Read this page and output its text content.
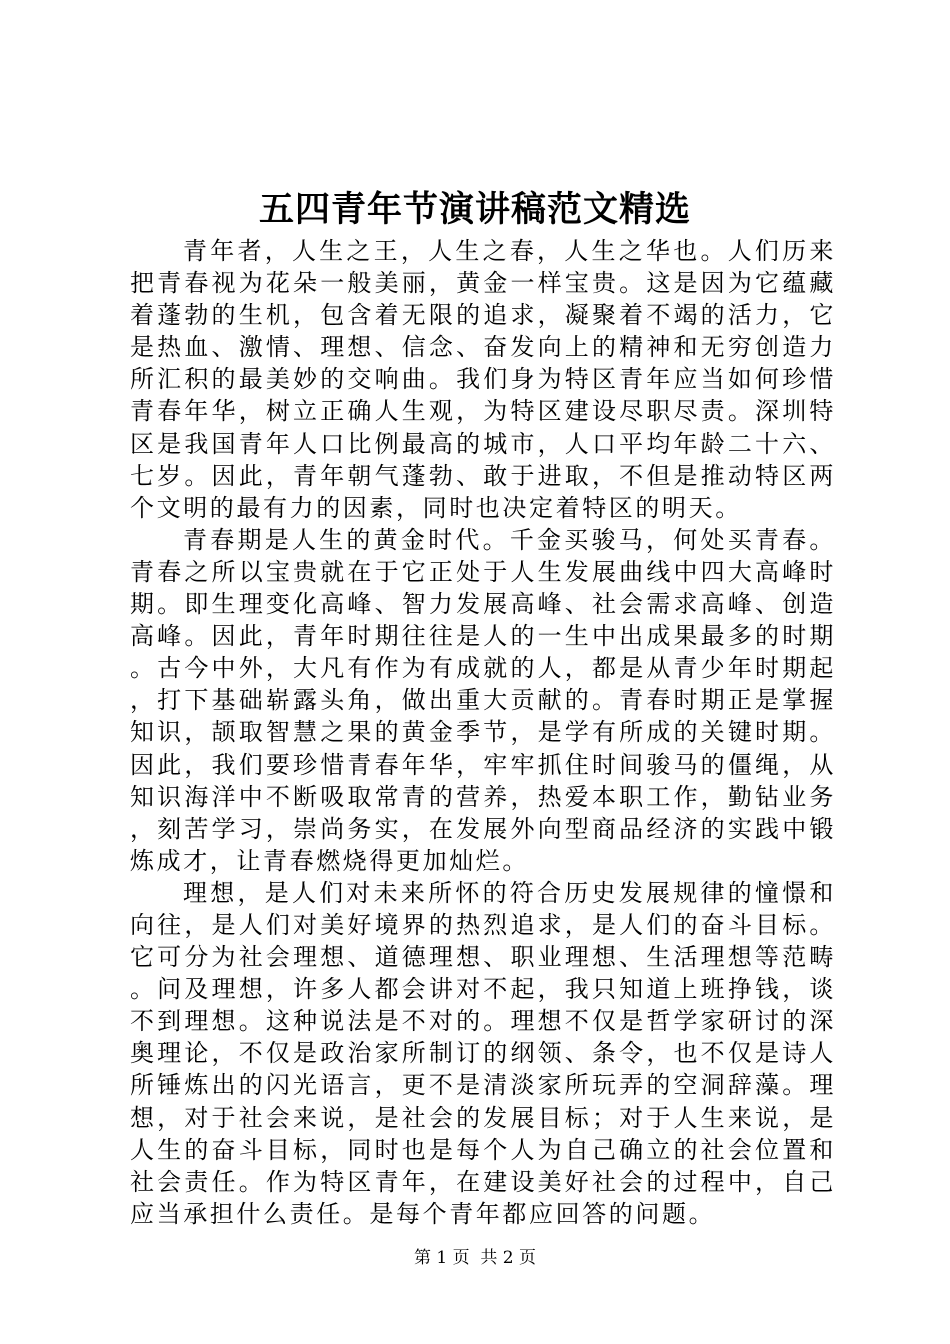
五四青年节演讲稿范文精选

青年者，人生之王，人生之春，人生之华也。人们历来把青春视为花朵一般美丽，黄金一样宝贵。这是因为它蕴藏着蓬勃的生机，包含着无限的追求，凝聚着不竭的活力，它是热血、激情、理想、信念、奋发向上的精神和无穷创造力所汇积的最美妙的交响曲。我们身为特区青年应当如何珍惜青春年华，树立正确人生观，为特区建设尽职尽责。深圳特区是我国青年人口比例最高的城市，人口平均年龄二十六、七岁。因此，青年朝气蓬勃、敢于进取，不但是推动特区两个文明的最有力的因素，同时也决定着特区的明天。

青春期是人生的黄金时代。千金买骏马，何处买青春。青春之所以宝贵就在于它正处于人生发展曲线中四大高峰时期。即生理变化高峰、智力发展高峰、社会需求高峰、创造高峰。因此，青年时期往往是人的一生中出成果最多的时期。古今中外，大凡有作为有成就的人，都是从青少年时期起，打下基础崭露头角，做出重大贡献的。青春时期正是掌握知识，颉取智慧之果的黄金季节，是学有所成的关键时期。因此，我们要珍惜青春年华，牢牢抓住时间骏马的僵绳，从知识海洋中不断吸取常青的营养，热爱本职工作，勤钻业务，刻苦学习，崇尚务实，在发展外向型商品经济的实践中锻炼成才，让青春燃烧得更加灿烂。

理想，是人们对未来所怀的符合历史发展规律的憧憬和向往，是人们对美好境界的热烈追求，是人们的奋斗目标。它可分为社会理想、道德理想、职业理想、生活理想等范畴。问及理想，许多人都会讲对不起，我只知道上班挣钱，谈不到理想。这种说法是不对的。理想不仅是哲学家研讨的深奥理论，不仅是政治家所制订的纲领、条令，也不仅是诗人所锤炼出的闪光语言，更不是清淡家所玩弄的空洞辞藻。理想，对于社会来说，是社会的发展目标；对于人生来说，是人生的奋斗目标，同时也是每个人为自己确立的社会位置和社会责任。作为特区青年，在建设美好社会的过程中，自己应当承担什么责任。是每个青年都应回答的问题。

第 1 页 共 2 页
